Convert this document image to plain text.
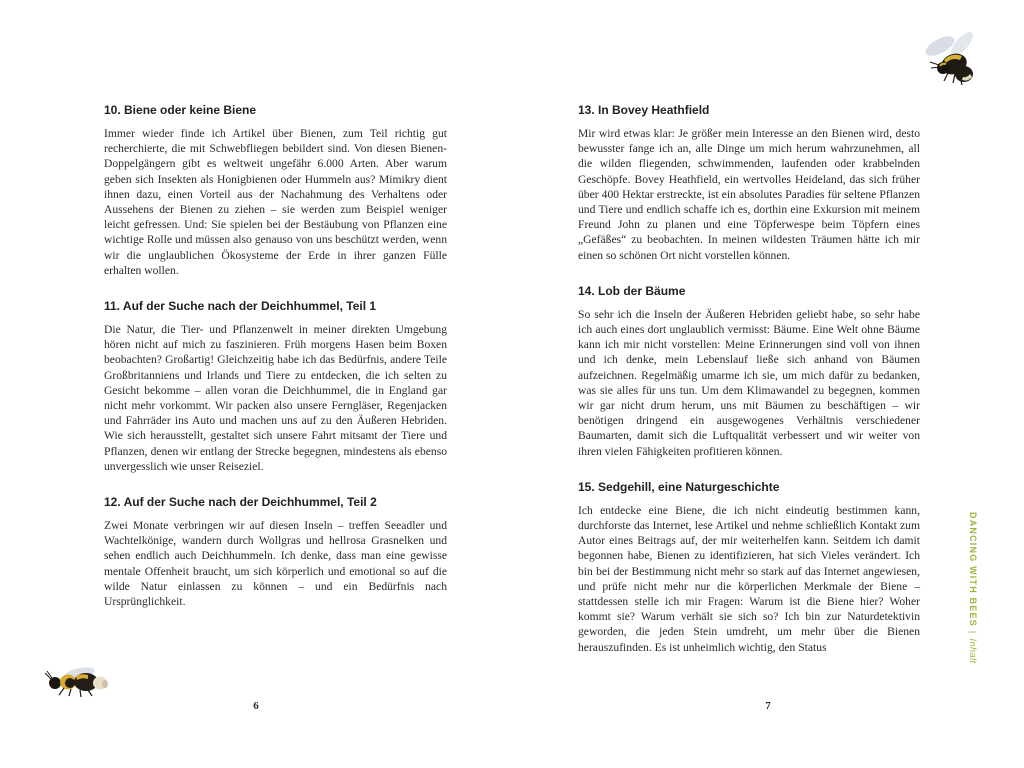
10. Biene oder keine Biene

Immer wieder finde ich Artikel über Bienen, zum Teil richtig gut recherchierte, die mit Schwebfliegen bebildert sind. Von diesen Bienen-Doppelgängern gibt es weltweit ungefähr 6.000 Arten. Aber warum geben sich Insekten als Honigbienen oder Hummeln aus? Mimikry dient ihnen dazu, einen Vorteil aus der Nachahmung des Verhaltens oder Aussehens der Bienen zu ziehen – sie werden zum Beispiel weniger leicht gefressen. Und: Sie spielen bei der Bestäubung von Pflanzen eine wichtige Rolle und müssen also genauso von uns beschützt werden, wenn wir die unglaublichen Ökosysteme der Erde in ihrer ganzen Fülle erhalten wollen.

11. Auf der Suche nach der Deichhummel, Teil 1

Die Natur, die Tier- und Pflanzenwelt in meiner direkten Umgebung hören nicht auf mich zu faszinieren. Früh morgens Hasen beim Boxen beobachten? Großartig! Gleichzeitig habe ich das Bedürfnis, andere Teile Großbritanniens und Irlands und Tiere zu entdecken, die ich selten zu Gesicht bekomme – allen voran die Deichhummel, die in England gar nicht mehr vorkommt. Wir packen also unsere Ferngläser, Regenjacken und Fahrräder ins Auto und machen uns auf zu den Äußeren Hebriden. Wie sich herausstellt, gestaltet sich unsere Fahrt mitsamt der Tiere und Pflanzen, denen wir entlang der Strecke begegnen, mindestens als ebenso unvergesslich wie unser Reiseziel.

12. Auf der Suche nach der Deichhummel, Teil 2

Zwei Monate verbringen wir auf diesen Inseln – treffen Seeadler und Wachtelkönige, wandern durch Wollgras und hellrosa Grasnelken und sehen endlich auch Deichhummeln. Ich denke, dass man eine gewisse mentale Offenheit braucht, um sich körperlich und emotional so auf die wilde Natur einlassen zu können – und ein Bedürfnis nach Ursprünglichkeit.

6
13. In Bovey Heathfield

Mir wird etwas klar: Je größer mein Interesse an den Bienen wird, desto bewusster fange ich an, alle Dinge um mich herum wahrzunehmen, all die wilden fliegenden, schwimmenden, laufenden oder krabbelnden Geschöpfe. Bovey Heathfield, ein wertvolles Heideland, das sich früher über 400 Hektar erstreckte, ist ein absolutes Paradies für seltene Pflanzen und Tiere und endlich schaffe ich es, dorthin eine Exkursion mit meinem Freund John zu planen und eine Töpferwespe beim Töpfern eines „Gefäßes“ zu beobachten. In meinen wildesten Träumen hätte ich mir einen so schönen Ort nicht vorstellen können.

14. Lob der Bäume

So sehr ich die Inseln der Äußeren Hebriden geliebt habe, so sehr habe ich auch eines dort unglaublich vermisst: Bäume. Eine Welt ohne Bäume kann ich mir nicht vorstellen: Meine Erinnerungen sind voll von ihnen und ich denke, mein Lebenslauf ließe sich anhand von Bäumen aufzeichnen. Regelmäßig umarme ich sie, um mich dafür zu bedanken, was sie alles für uns tun. Um dem Klimawandel zu begegnen, kommen wir gar nicht drum herum, uns mit Bäumen zu beschäftigen – wir benötigen dringend ein ausgewogenes Verhältnis verschiedener Baumarten, damit sich die Luftqualität verbessert und wir weiter von ihren vielen Fähigkeiten profitieren können.

15. Sedgehill, eine Naturgeschichte

Ich entdecke eine Biene, die ich nicht eindeutig bestimmen kann, durchforste das Internet, lese Artikel und nehme schließlich Kontakt zum Autor eines Beitrags auf, der mir weiterhelfen kann. Seitdem ich damit begonnen habe, Bienen zu identifizieren, hat sich Vieles verändert. Ich bin bei der Bestimmung nicht mehr so stark auf das Internet angewiesen, und prüfe nicht mehr nur die körperlichen Merkmale der Biene – stattdessen stelle ich mir Fragen: Warum ist die Biene hier? Woher kommt sie? Warum verhält sie sich so? Ich bin zur Naturdetektivin geworden, die jeden Stein umdreht, um mehr über die Bienen herauszufinden. Es ist unheimlich wichtig, den Status

7
DANCING WITH BEES|Inhalt
